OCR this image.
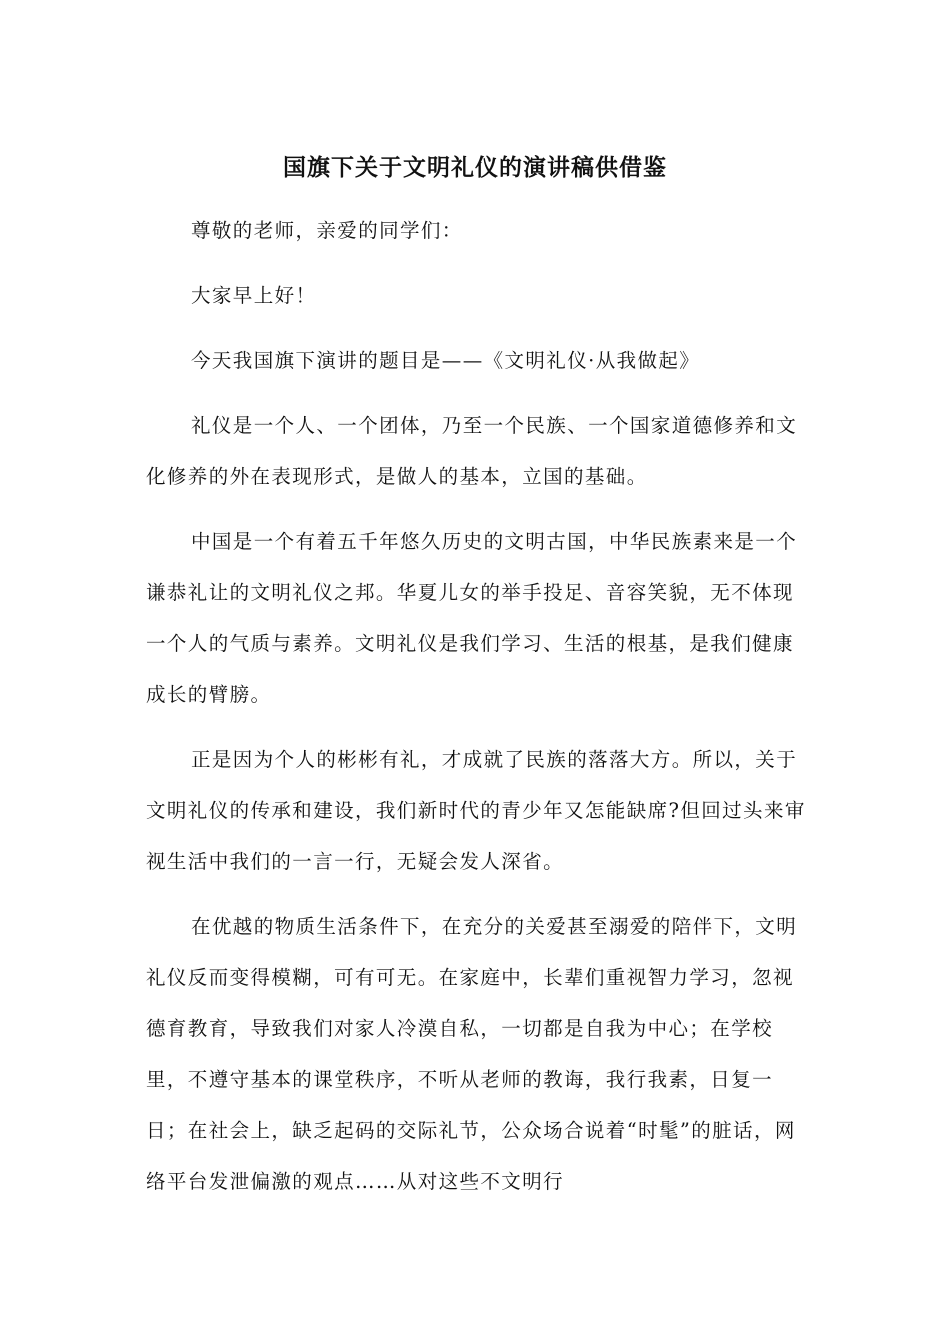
国旗下关于文明礼仪的演讲稿供借鉴

尊敬的老师，亲爱的同学们：

大家早上好！

今天我国旗下演讲的题目是——《文明礼仪·从我做起》

礼仪是一个人、一个团体，乃至一个民族、一个国家道德修养和文化修养的外在表现形式，是做人的基本，立国的基础。

中国是一个有着五千年悠久历史的文明古国，中华民族素来是一个谦恭礼让的文明礼仪之邦。华夏儿女的举手投足、音容笑貌，无不体现一个人的气质与素养。文明礼仪是我们学习、生活的根基，是我们健康成长的臂膀。

正是因为个人的彬彬有礼，才成就了民族的落落大方。所以，关于文明礼仪的传承和建设，我们新时代的青少年又怎能缺席?但回过头来审视生活中我们的一言一行，无疑会发人深省。

在优越的物质生活条件下，在充分的关爱甚至溺爱的陪伴下，文明礼仪反而变得模糊，可有可无。在家庭中，长辈们重视智力学习，忽视德育教育，导致我们对家人冷漠自私，一切都是自我为中心；在学校里，不遵守基本的课堂秩序，不听从老师的教诲，我行我素，日复一日；在社会上，缺乏起码的交际礼节，公众场合说着“时髦”的脏话，网络平台发泄偏激的观点……从对这些不文明行
